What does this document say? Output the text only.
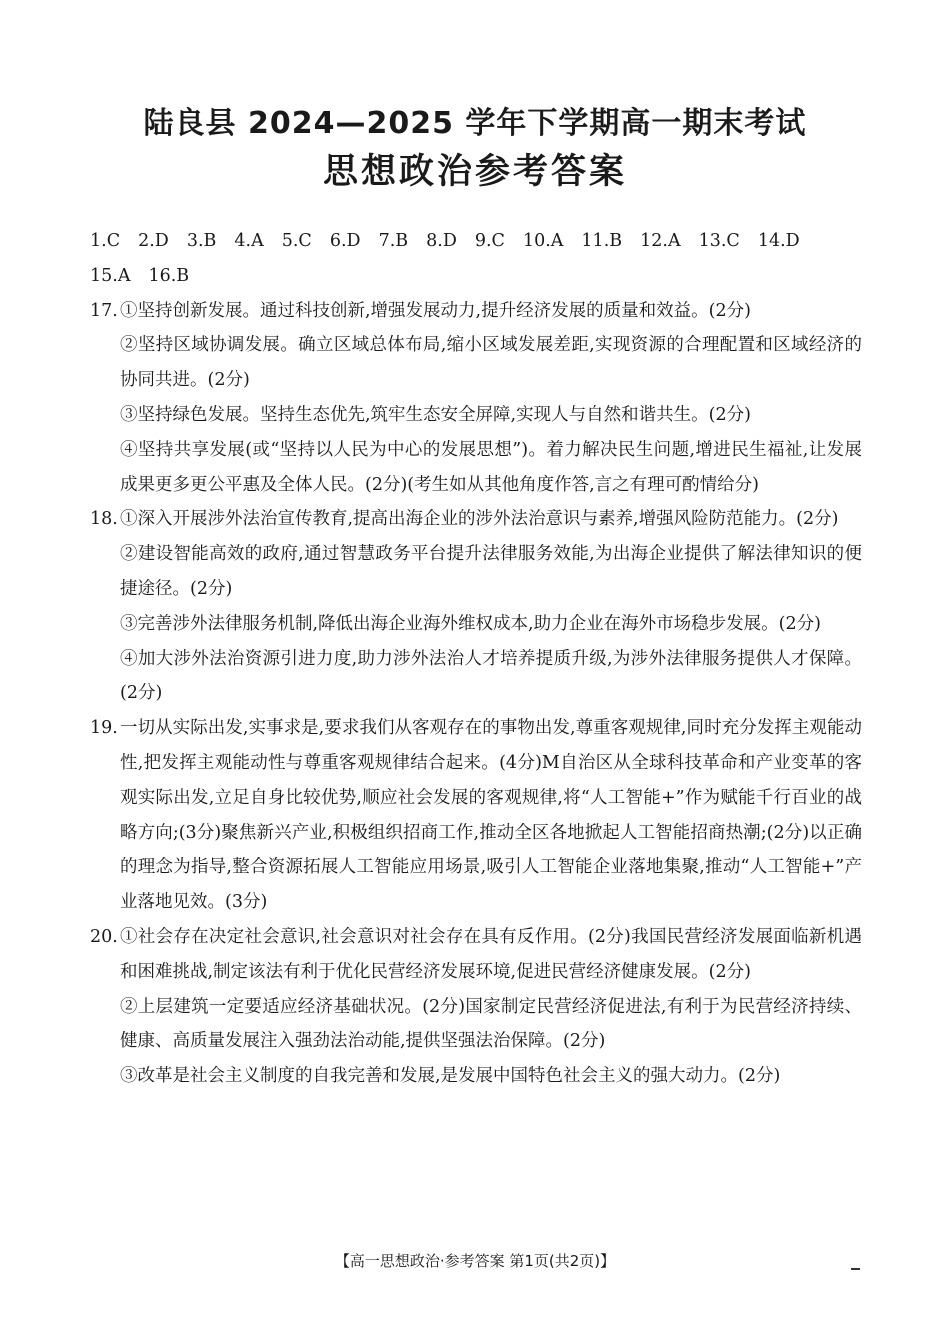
陆良县 2024—2025 学年下学期高一期末考试
思想政治参考答案
1.C 2.D 3.B 4.A 5.C 6.D 7.B 8.D 9.C 10.A 11.B 12.A 13.C 14.D
15.A 16.B
17. ①坚持创新发展。通过科技创新,增强发展动力,提升经济发展的质量和效益。(2分)
②坚持区域协调发展。确立区域总体布局,缩小区域发展差距,实现资源的合理配置和区域经济的协同共进。(2分)
③坚持绿色发展。坚持生态优先,筑牢生态安全屏障,实现人与自然和谐共生。(2分)
④坚持共享发展(或“坚持以人民为中心的发展思想”)。着力解决民生问题,增进民生福祉,让发展成果更多更公平惠及全体人民。(2分)(考生如从其他角度作答,言之有理可酌情给分)
18. ①深入开展涉外法治宣传教育,提高出海企业的涉外法治意识与素养,增强风险防范能力。(2分)
②建设智能高效的政府,通过智慧政务平台提升法律服务效能,为出海企业提供了解法律知识的便捷途径。(2分)
③完善涉外法律服务机制,降低出海企业海外维权成本,助力企业在海外市场稳步发展。(2分)
④加大涉外法治资源引进力度,助力涉外法治人才培养提质升级,为涉外法律服务提供人才保障。(2分)
19. 一切从实际出发,实事求是,要求我们从客观存在的事物出发,尊重客观规律,同时充分发挥主观能动性,把发挥主观能动性与尊重客观规律结合起来。(4分)M自治区从全球科技革命和产业变革的客观实际出发,立足自身比较优势,顺应社会发展的客观规律,将“人工智能+”作为赋能千行百业的战略方向;(3分)聚焦新兴产业,积极组织招商工作,推动全区各地掀起人工智能招商热潮;(2分)以正确的理念为指导,整合资源拓展人工智能应用场景,吸引人工智能企业落地集聚,推动“人工智能+”产业落地见效。(3分)
20. ①社会存在决定社会意识,社会意识对社会存在具有反作用。(2分)我国民营经济发展面临新机遇和困难挑战,制定该法有利于优化民营经济发展环境,促进民营经济健康发展。(2分)
②上层建筑一定要适应经济基础状况。(2分)国家制定民营经济促进法,有利于为民营经济持续、健康、高质量发展注入强劲法治动能,提供坚强法治保障。(2分)
③改革是社会主义制度的自我完善和发展,是发展中国特色社会主义的强大动力。(2分)
【高一思想政治·参考答案 第1页(共2页)】
